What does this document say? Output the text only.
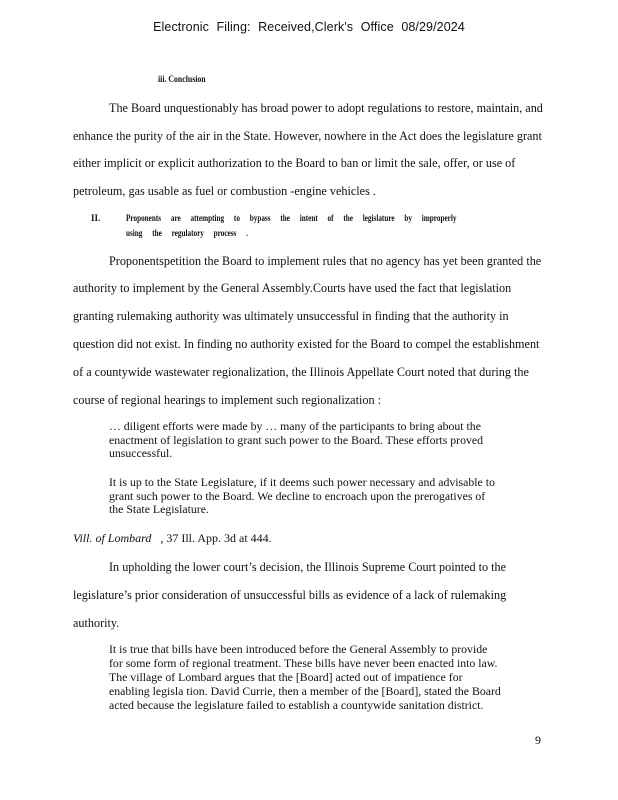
Electronic Filing: Received,Clerk's Office 08/29/2024
iii. Conclusion
The Board unquestionably has broad power to adopt regulations to restore, maintain, and
enhance the purity of the air in the State. However, nowhere in the Act does the legislature grant
either implicit or explicit authorization to the Board to ban or limit the sale, offer, or use of
petroleum, gas usable as fuel or combustion -engine vehicles .
II.	Proponents are attempting to bypass the intent of the legislature by improperly
using the regulatory process .
Proponentspetition the Board to implement rules that no agency has yet been granted the
authority to implement by the General Assembly.Courts have used the fact that legislation
granting rulemaking authority was ultimately unsuccessful in finding that the authority in
question did not exist. In finding no authority existed for the Board to compel the establishment
of a countywide wastewater regionalization, the Illinois Appellate Court noted that during the
course of regional hearings to implement such regionalization :
… diligent efforts were made by … many of the participants to bring about the
enactment of legislation to grant such power to the Board. These efforts proved
unsuccessful.
It is up to the State Legislature, if it deems such power necessary and advisable to
grant such power to the Board. We decline to encroach upon the prerogatives of
the State Legislature.
Vill. of Lombard   , 37 Ill. App. 3d at 444.
In upholding the lower court’s decision, the Illinois Supreme Court pointed to the
legislature’s prior consideration of unsuccessful bills as evidence of a lack of rulemaking
authority.
It is true that bills have been introduced before the General Assembly to provide
for some form of regional treatment. These bills have never been enacted into law.
The village of Lombard argues that the [Board] acted out of impatience for
enabling legisla tion. David Currie, then a member of the [Board], stated the Board
acted because the legislature failed to establish a countywide sanitation district.
9
